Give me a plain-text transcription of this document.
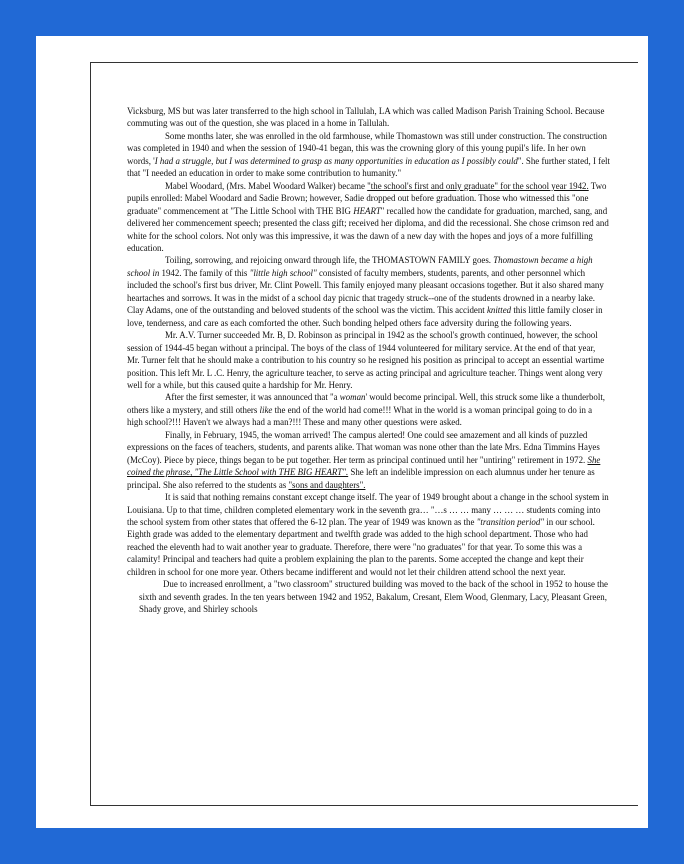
Vicksburg, MS but was later transferred to the high school in Tallulah, LA which was called Madison Parish Training School. Because commuting was out of the question, she was placed in a home in Tallulah.

Some months later, she was enrolled in the old farmhouse, while Thomastown was still under construction. The construction was completed in 1940 and when the session of 1940-41 began, this was the crowning glory of this young pupil's life. In her own words, 'I had a struggle, but I was determined to grasp as many opportunities in education as I possibly could". She further stated, I felt that "I needed an education in order to make some contribution to humanity."

Mabel Woodard, (Mrs. Mabel Woodard Walker) became "the school's first and only graduate" for the school year 1942. Two pupils enrolled: Mabel Woodard and Sadie Brown; however, Sadie dropped out before graduation. Those who witnessed this "one graduate" commencement at "The Little School with THE BIG HEART" recalled how the candidate for graduation, marched, sang, and delivered her commencement speech; presented the class gift; received her diploma, and did the recessional. She chose crimson red and white for the school colors. Not only was this impressive, it was the dawn of a new day with the hopes and joys of a more fulfilling education.

Toiling, sorrowing, and rejoicing onward through life, the THOMASTOWN FAMILY goes. Thomastown became a high school in 1942. The family of this "little high school" consisted of faculty members, students, parents, and other personnel which included the school's first bus driver, Mr. Clint Powell. This family enjoyed many pleasant occasions together. But it also shared many heartaches and sorrows. It was in the midst of a school day picnic that tragedy struck--one of the students drowned in a nearby lake. Clay Adams, one of the outstanding and beloved students of the school was the victim. This accident knitted this little family closer in love, tenderness, and care as each comforted the other. Such bonding helped others face adversity during the following years.

Mr. A.V. Turner succeeded Mr. B, D. Robinson as principal in 1942 as the school's growth continued, however, the school session of 1944-45 began without a principal. The boys of the class of 1944 volunteered for military service. At the end of that year, Mr. Turner felt that he should make a contribution to his country so he resigned his position as principal to accept an essential wartime position. This left Mr. L .C. Henry, the agriculture teacher, to serve as acting principal and agriculture teacher. Things went along very well for a while, but this caused quite a hardship for Mr. Henry.

After the first semester, it was announced that "a woman' would become principal. Well, this struck some like a thunderbolt, others like a mystery, and still others like the end of the world had come!!! What in the world is a woman principal going to do in a high school?!!! Haven't we always had a man?!!! These and many other questions were asked.

Finally, in February, 1945, the woman arrived! The campus alerted! One could see amazement and all kinds of puzzled expressions on the faces of teachers, students, and parents alike. That woman was none other than the late Mrs. Edna Timmins Hayes (McCoy). Piece by piece, things began to be put together. Her term as principal continued until her "untiring" retirement in 1972. She coined the phrase, "The Little School with THE BIG HEART". She left an indelible impression on each alumnus under her tenure as principal. She also referred to the students as "sons and daughters".

It is said that nothing remains constant except change itself. The year of 1949 brought about a change in the school system in Louisiana. Up to that time, children completed elementary work in the seventh gra… "…s … … many … … … students coming into the school system from other states that offered the 6-12 plan. The year of 1949 was known as the "transition period" in our school. Eighth grade was added to the elementary department and twelfth grade was added to the high school department. Those who had reached the eleventh had to wait another year to graduate. Therefore, there were "no graduates" for that year. To some this was a calamity! Principal and teachers had quite a problem explaining the plan to the parents. Some accepted the change and kept their children in school for one more year. Others became indifferent and would not let their children attend school the next year.

Due to increased enrollment, a "two classroom" structured building was moved to the back of the school in 1952 to house the sixth and seventh grades. In the ten years between 1942 and 1952, Bakalum, Cresant, Elem Wood, Glenmary, Lacy, Pleasant Green, Shady grove, and Shirley schools
